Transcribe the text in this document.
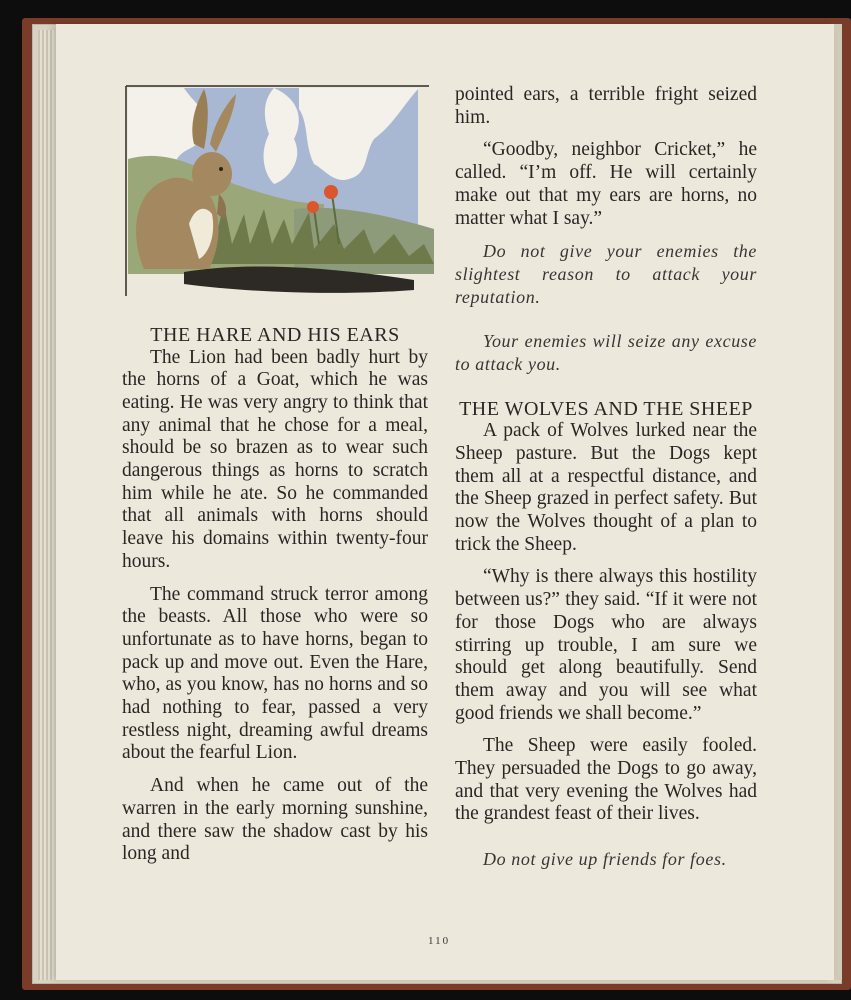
THE HARE AND HIS EARS

The Lion had been badly hurt by the horns of a Goat, which he was eating. He was very angry to think that any animal that he chose for a meal, should be so brazen as to wear such dangerous things as horns to scratch him while he ate. So he commanded that all animals with horns should leave his domains within twenty-four hours.

The command struck terror among the beasts. All those who were so unfortunate as to have horns, began to pack up and move out. Even the Hare, who, as you know, has no horns and so had nothing to fear, passed a very restless night, dreaming awful dreams about the fearful Lion.

And when he came out of the warren in the early morning sunshine, and there saw the shadow cast by his long and

pointed ears, a terrible fright seized him.

“Goodby, neighbor Cricket,” he called. “I’m off. He will certainly make out that my ears are horns, no matter what I say.”

Do not give your enemies the slightest reason to attack your reputation.

Your enemies will seize any excuse to attack you.

THE WOLVES AND THE SHEEP

A pack of Wolves lurked near the Sheep pasture. But the Dogs kept them all at a respectful distance, and the Sheep grazed in perfect safety. But now the Wolves thought of a plan to trick the Sheep.

“Why is there always this hostility between us?” they said. “If it were not for those Dogs who are always stirring up trouble, I am sure we should get along beautifully. Send them away and you will see what good friends we shall become.”

The Sheep were easily fooled. They persuaded the Dogs to go away, and that very evening the Wolves had the grandest feast of their lives.

Do not give up friends for foes.

110
